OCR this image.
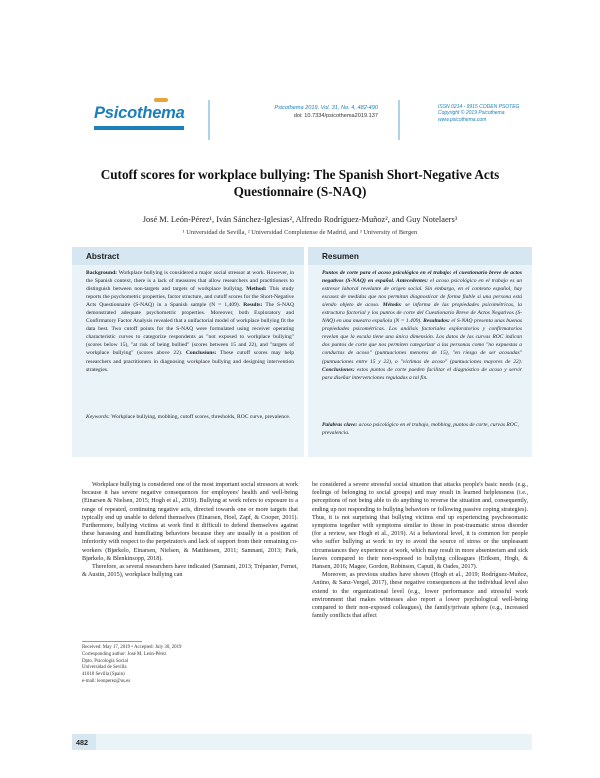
Psicothema	Psicothema 2019, Vol. 31, No. 4, 482-490
doi: 10.7334/psicothema2019.137
ISSN 0214 - 9915 CODEN PSOTEG
Copyright © 2019 Psicothema
www.psicothema.com
Cutoff scores for workplace bullying: The Spanish Short-Negative Acts Questionnaire (S-NAQ)
José M. León-Pérez¹, Iván Sánchez-Iglesias², Alfredo Rodríguez-Muñoz², and Guy Notelaers³
¹ Universidad de Sevilla, ² Universidad Complutense de Madrid, and ³ University of Bergen
Abstract
Background: Workplace bullying is considered a major social stressor at work. However, in the Spanish context, there is a lack of measures that allow researchers and practitioners to distinguish between non-targets and targets of workplace bullying. Method: This study reports the psychometric properties, factor structure, and cutoff scores for the Short-Negative Acts Questionnaire (S-NAQ) in a Spanish sample (N = 1,409). Results: The S-NAQ demonstrated adequate psychometric properties. Moreover, both Exploratory and Confirmatory Factor Analysis revealed that a unifactorial model of workplace bullying fit the data best. Two cutoff points for the S-NAQ were formulated using receiver operating characteristic curves to categorize respondents as "not exposed to workplace bullying" (scores below 15), "at risk of being bullied" (scores between 15 and 22), and "targets of workplace bullying" (scores above 22). Conclusions: These cutoff scores may help researchers and practitioners in diagnosing workplace bullying and designing intervention strategies.
Keywords: Workplace bullying, mobbing, cutoff scores, thresholds, ROC curve, prevalence.
Resumen
Puntos de corte para el acoso psicológico en el trabajo: el cuestionario breve de actos negativos (S-NAQ) en español. Antecedentes: el acoso psicológico en el trabajo es un estresor laboral revelante de origen social. Sin embargo, en el contexto español, hay escasez de medidas que nos permitan diagnosticar de forma fiable si una persona está siendo objeto de acoso. Método: se informa de las propiedades psicométricas, la estructura factorial y los puntos de corte del Cuestionario Breve de Actos Negativos (S-NAQ) en una muestra española (N = 1.409). Resultados: el S-NAQ presenta unas buenas propiedades psicométricas. Los análisis factoriales exploratorios y confirmatorios revelan que la escala tiene una única dimensión. Los datos de las curvas ROC indican dos puntos de corte que nos permiten categorizar a las personas como "no expuestas a conductas de acoso" (puntuaciones menores de 15), "en riesgo de ser acosadas" (puntuaciones entre 15 y 22), o "víctimas de acoso" (puntuaciones mayores de 22). Conclusiones: estos puntos de corte pueden facilitar el diagnóstico de acoso y servir para diseñar intervenciones reguladas a tal fin.
Palabras clave: acoso psicológico en el trabajo, mobbing, puntos de corte, curvas ROC, prevalencia.

Workplace bullying is considered one of the most important social stressors at work because it has severe negative consequences for employees' health and well-being (Einarsen & Nielsen, 2015; Hogh et al., 2019). Bullying at work refers to exposure to a range of repeated, continuing negative acts, directed towards one or more targets that typically end up unable to defend themselves (Einarsen, Hoel, Zapf, & Cooper, 2011). Furthermore, bullying victims at work find it difficult to defend themselves against these harassing and humiliating behaviors because they are usually in a position of inferiority with respect to the perpetrator/s and lack of support from their remaining co-workers (Bjørkelo, Einarsen, Nielsen, & Matthiesen, 2011; Samnani, 2013; Park, Bjørkelo, & Blenkinsopp, 2018).

Therefore, as several researchers have indicated (Samnani, 2013; Trépanier, Fernet, & Austin, 2015), workplace bullying can

be considered a severe stressful social situation that attacks people's basic needs (e.g., feelings of belonging to social groups) and may result in learned helplessness (i.e., perceptions of not being able to do anything to reverse the situation and, consequently, ending up not responding to bullying behaviors or following passive coping strategies). Thus, it is not surprising that bullying victims end up experiencing psychosomatic symptoms together with symptoms similar to those in post-traumatic stress disorder (for a review, see Hogh et al., 2019). At a behavioral level, it is common for people who suffer bullying at work to try to avoid the source of stress or the unpleasant circumstances they experience at work, which may result in more absenteeism and sick leaves compared to their non-exposed to bullying colleagues (Eriksen, Hogh, & Hansen, 2016; Magee, Gordon, Robinson, Caputi, & Oades, 2017).

Moreover, as previous studies have shown (Hogh et al., 2019; Rodríguez-Muñoz, Antino, & Sanz-Vergel, 2017), these negative consequences at the individual level also extend to the organizational level (e.g., lower performance and stressful work environment that makes witnesses also report a lower psychological well-being compared to their non-exposed colleagues), the family/private sphere (e.g., increased family conflicts that affect

Received: May 17, 2019 • Accepted: July 30, 2019
Corresponding author: José M. León-Pérez
Dpto. Psicología Social
Universidad de Sevilla
41018 Sevilla (Spain)
e-mail: leonperez@us.es
482
